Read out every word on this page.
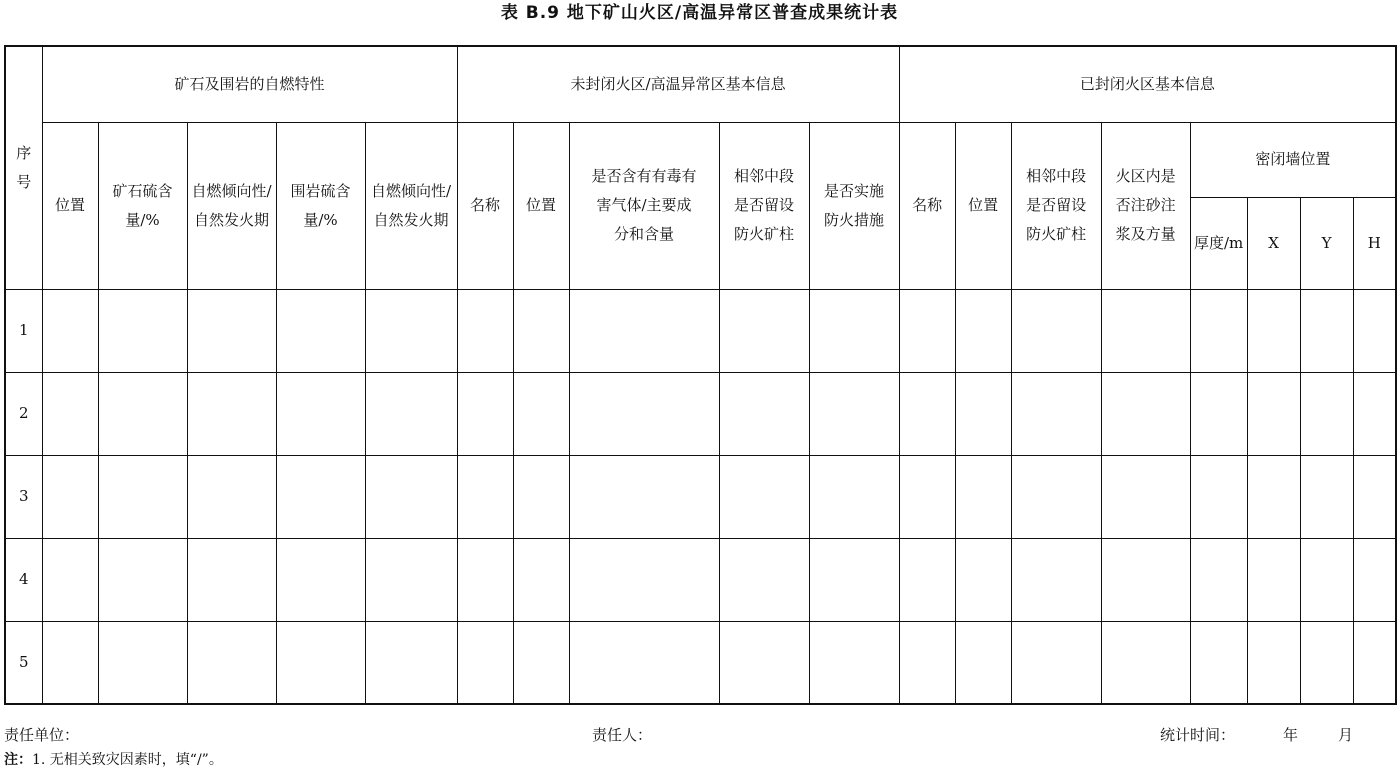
表 B.9 地下矿山火区/高温异常区普查成果统计表
序号	矿石及围岩的自燃特性					未封闭火区/高温异常区基本信息					已封闭火区基本信息							
	位置	矿石硫含量/%	自燃倾向性/自然发火期	围岩硫含量/%	自燃倾向性/自然发火期	名称	位置	是否含有有毒有害气体/主要成分和含量	相邻中段是否留设防火矿柱	是否实施防火措施	名称	位置	相邻中段是否留设防火矿柱	火区内是否注砂注浆及方量	密闭墙位置			
															厚度/m	X	Y	H
1																		
2																		
3																		
4																		
5																		
责任单位：	责任人：	统计时间：	年	月
注：1. 无相关致灾因素时，填“/”。
